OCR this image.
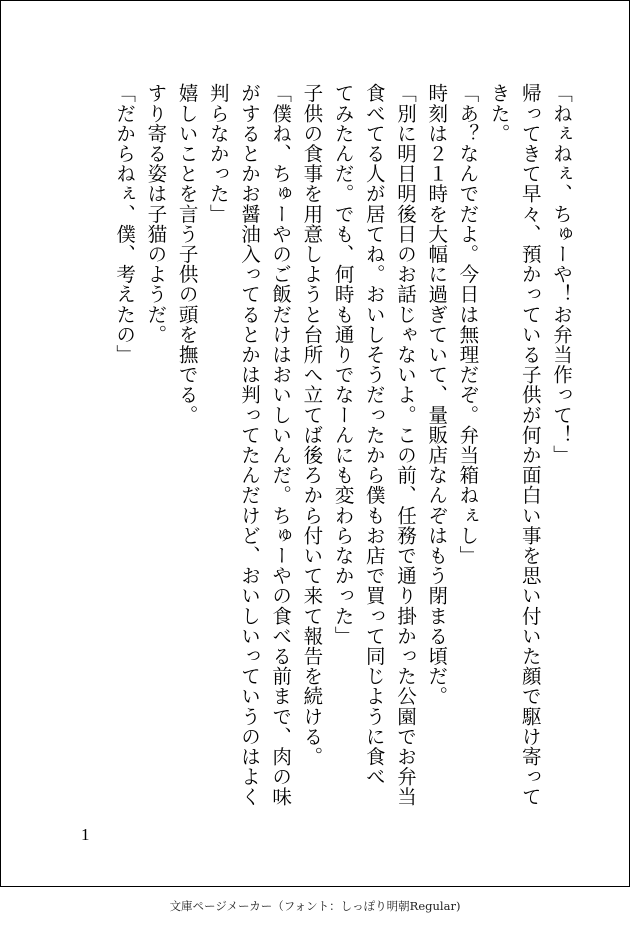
「ねぇねぇ、ちゅーや！お弁当作って！」
帰ってきて早々、預かっている子供が何か面白い事を思い付いた顔で駆け寄って
きた。
「あ？なんでだよ。今日は無理だぞ。弁当箱ねぇし」
時刻は２１時を大幅に過ぎていて、量販店なんぞはもう閉まる頃だ。
「別に明日明後日のお話じゃないよ。この前、任務で通り掛かった公園でお弁当
食べてる人が居てね。おいしそうだったから僕もお店で買って同じように食べ
てみたんだ。でも、何時も通りでなーんにも変わらなかった」
子供の食事を用意しようと台所へ立てば後ろから付いて来て報告を続ける。
「僕ね、ちゅーやのご飯だけはおいしいんだ。ちゅーやの食べる前まで、肉の味
がするとかお醤油入ってるとかは判ってたんだけど、おいしいっていうのはよく
判らなかった」
嬉しいことを言う子供の頭を撫でる。
すり寄る姿は子猫のようだ。
「だからねぇ、僕、考えたの」
1
文庫ページメーカー（フォント：しっぽり明朝Regular)
